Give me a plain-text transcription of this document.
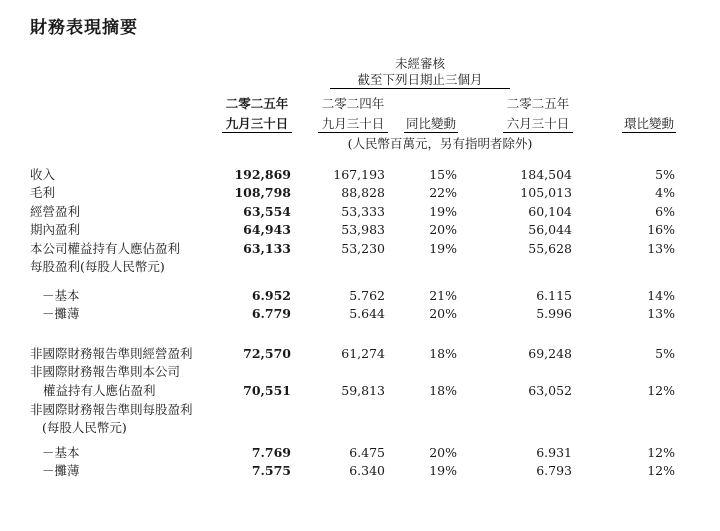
財務表現摘要
未經審核
截至下列日期止三個月
二零二五年
九月三十日
二零二四年
九月三十日	同比變動
二零二五年
六月三十日	環比變動
(人民幣百萬元，另有指明者除外)
收入	192,869	167,193	15%	184,504	5%
毛利	108,798	88,828	22%	105,013	4%
經營盈利	63,554	53,333	19%	60,104	6%
期內盈利	64,943	53,983	20%	56,044	16%
本公司權益持有人應佔盈利	63,133	53,230	19%	55,628	13%
每股盈利(每股人民幣元)
－基本	6.952	5.762	21%	6.115	14%
－攤薄	6.779	5.644	20%	5.996	13%
非國際財務報告準則經營盈利	72,570	61,274	18%	69,248	5%
非國際財務報告準則本公司
權益持有人應佔盈利	70,551	59,813	18%	63,052	12%
非國際財務報告準則每股盈利
(每股人民幣元)
－基本	7.769	6.475	20%	6.931	12%
－攤薄	7.575	6.340	19%	6.793	12%
